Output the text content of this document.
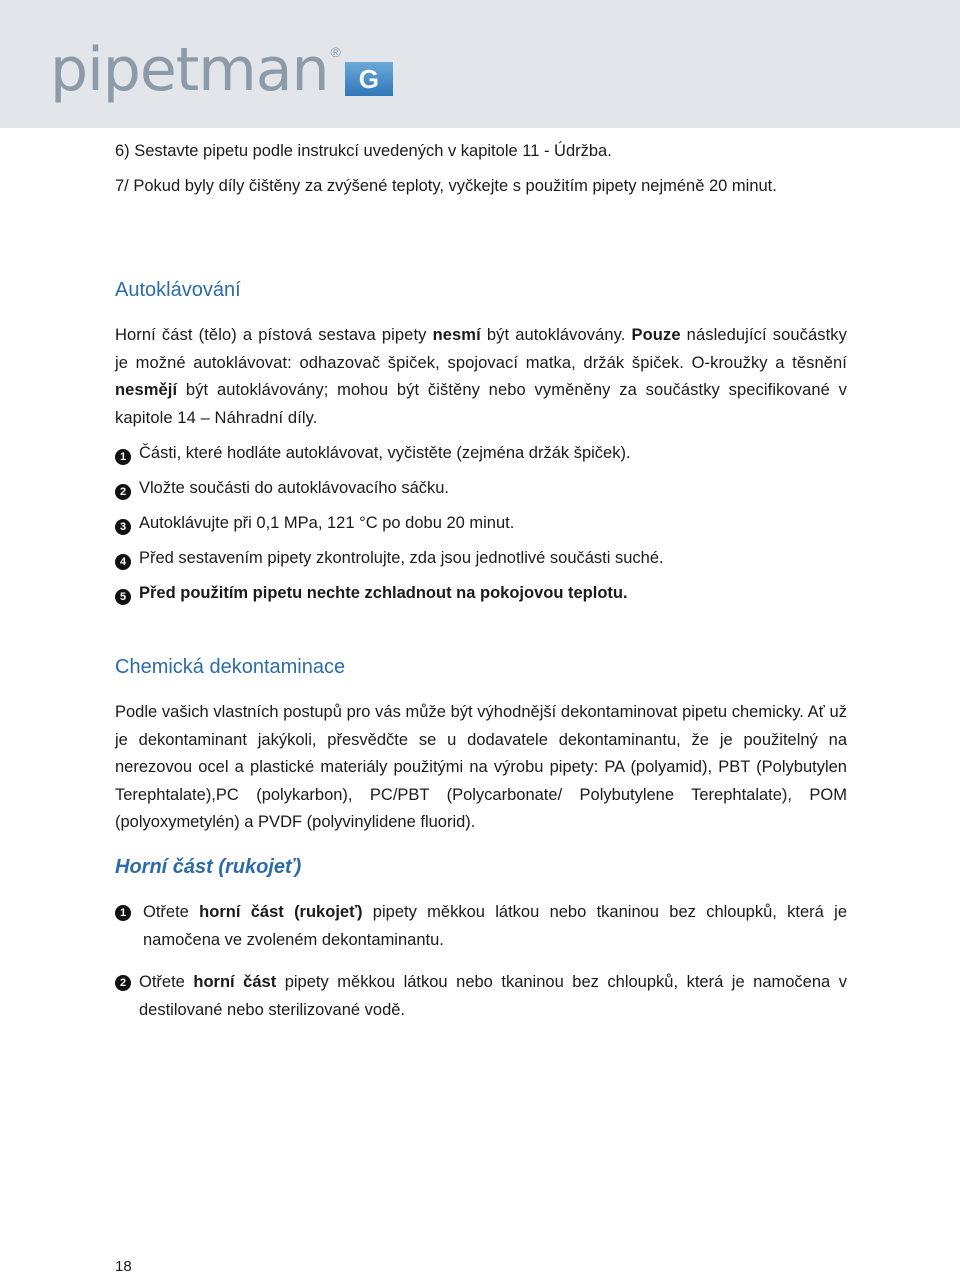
pipetman ®
G

6) Sestavte pipetu podle instrukcí uvedených v kapitole 11 - Údržba.

7/ Pokud byly díly čištěny za zvýšené teploty, vyčkejte s použitím pipety nejméně 20 minut.

Autoklávování

Horní část (tělo) a pístová sestava pipety nesmí být autoklávovány. Pouze následující součástky je možné autoklávovat: odhazovač špiček, spojovací matka, držák špiček. O-kroužky a těsnění nesmějí být autoklávovány; mohou být čištěny nebo vyměněny za součástky specifikované v kapitole 14 – Náhradní díly.

1 Části, které hodláte autoklávovat, vyčistěte (zejména držák špiček).

2 Vložte součásti do autoklávovacího sáčku.

3 Autoklávujte při 0,1 MPa, 121 °C po dobu 20 minut.

4 Před sestavením pipety zkontrolujte, zda jsou jednotlivé součásti suché.

5 Před použitím pipetu nechte zchladnout na pokojovou teplotu.

Chemická dekontaminace

Podle vašich vlastních postupů pro vás může být výhodnější dekontaminovat pipetu chemicky. Ať už je dekontaminant jakýkoli, přesvědčte se u dodavatele dekontaminantu, že je použitelný na nerezovou ocel a plastické materiály použitými na výrobu pipety: PA (polyamid), PBT (Polybutylen Terephtalate),PC (polykarbon), PC/PBT (Polycarbonate/ Polybutylene Terephtalate), POM (polyoxymetylén) a PVDF (polyvinylidene fluorid).

Horní část (rukojeť)
1 Otřete horní část (rukojeť) pipety měkkou látkou nebo tkaninou bez chloupků, která je namočena ve zvoleném dekontaminantu.

2 Otřete horní část pipety měkkou látkou nebo tkaninou bez chloupků, která je namočena v destilované nebo sterilizované vodě.

18
